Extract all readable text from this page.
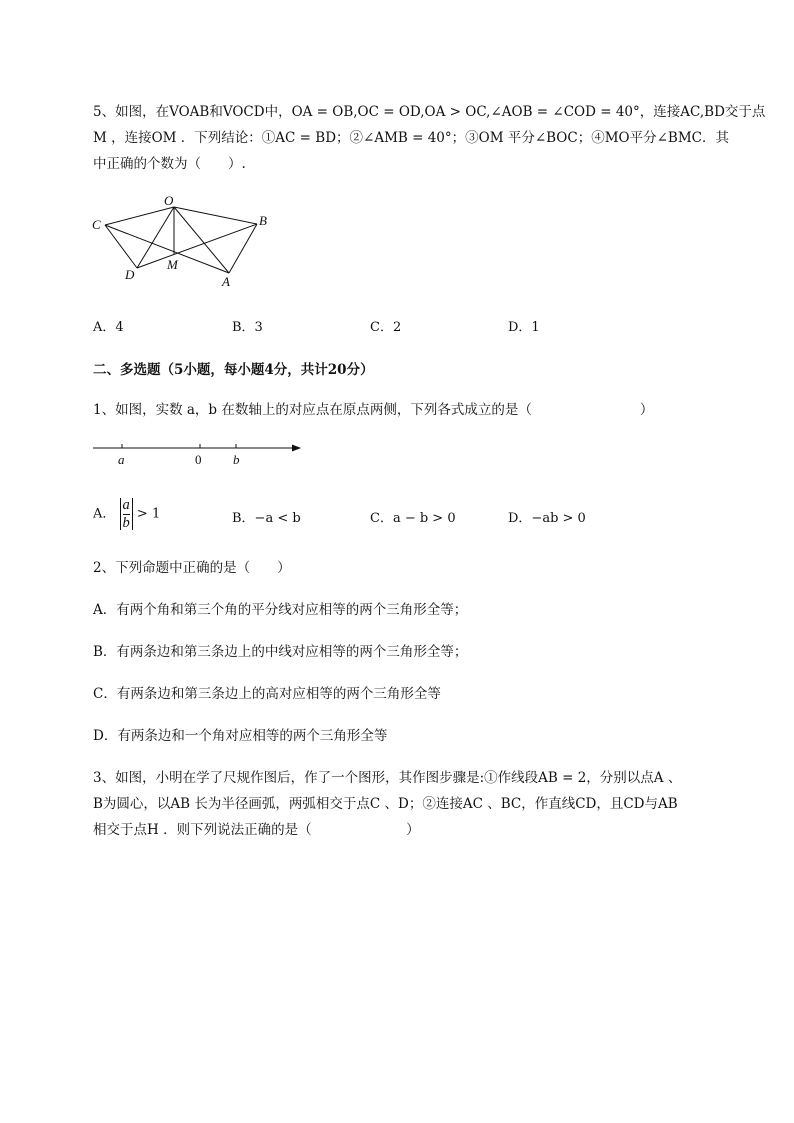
5、如图，在VOAB和VOCD中，OA = OB,OC = OD,OA > OC,∠AOB = ∠COD = 40°，连接AC,BD交于点
M ，连接OM ．下列结论：①AC = BD；②∠AMB = 40°；③OM 平分∠BOC；④MO平分∠BMC．其
中正确的个数为（　　）.
O
C	B
D
M
A
A．4	B．3	C．2	D．1
二、多选题（5小题，每小题4分，共计20分）
1、如图，实数 a，b 在数轴上的对应点在原点两侧，下列各式成立的是（　　　　　　　　）
a	0 b
A． $\frac{a}{b} > 1$	B．−a < b	C．a − b > 0	D．−ab > 0
2、下列命题中正确的是（　　）
A．有两个角和第三个角的平分线对应相等的两个三角形全等；
B．有两条边和第三条边上的中线对应相等的两个三角形全等；
C．有两条边和第三条边上的高对应相等的两个三角形全等
D．有两条边和一个角对应相等的两个三角形全等
3、如图，小明在学了尺规作图后，作了一个图形，其作图步骤是:①作线段AB = 2，分别以点A 、
B为圆心，以AB 长为半径画弧，两弧相交于点C 、D；②连接AC 、BC，作直线CD，且CD与AB
相交于点H ．则下列说法正确的是（　　　　　　　）
